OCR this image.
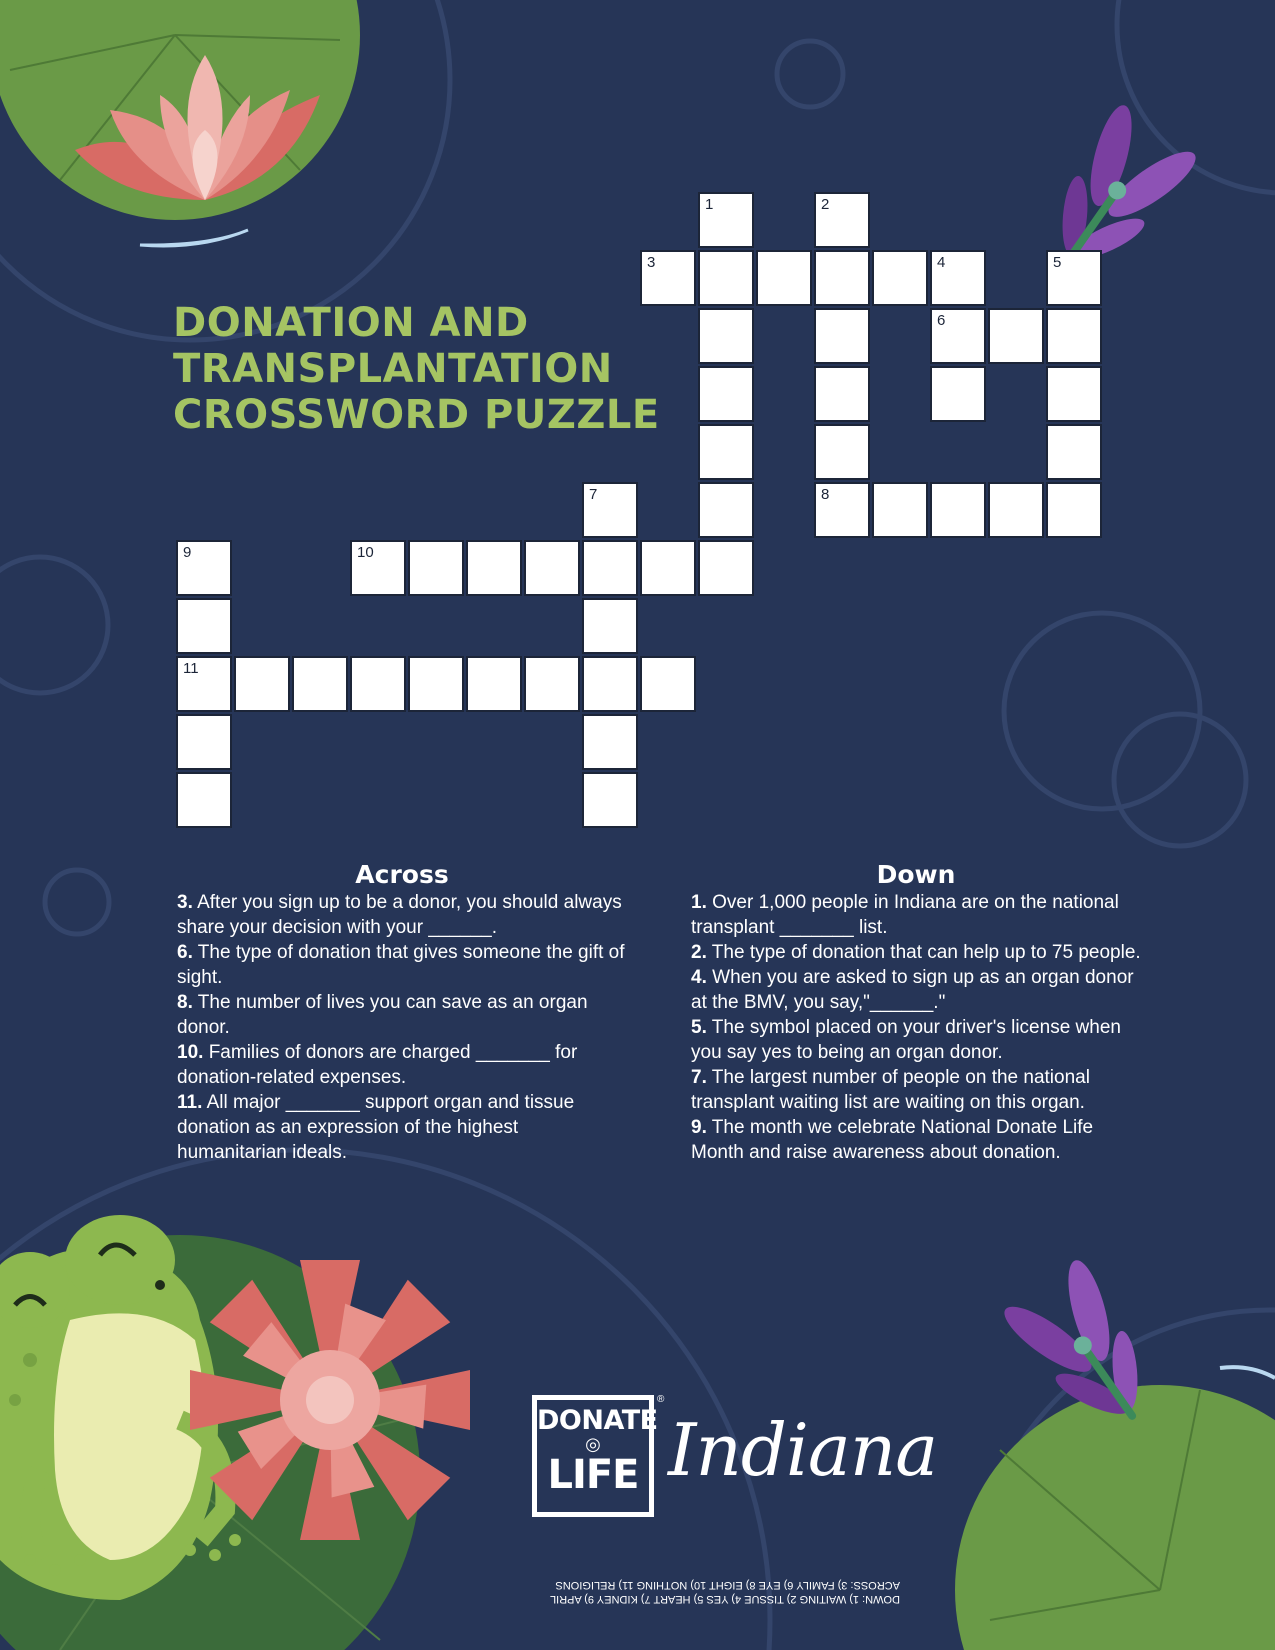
DONATION AND
TRANSPLANTATION
CROSSWORD PUZZLE
1	2
3	4	5
6
7	8
9	10
11
Across
3. After you sign up to be a donor, you should always share your decision with your ______.
6. The type of donation that gives someone the gift of sight.
8. The number of lives you can save as an organ donor.
10. Families of donors are charged _______ for donation-related expenses.
11. All major _______ support organ and tissue donation as an expression of the highest humanitarian ideals.
Down
1. Over 1,000 people in Indiana are on the national transplant _______ list.
2. The type of donation that can help up to 75 people.
4. When you are asked to sign up as an organ donor at the BMV, you say,"______."
5. The symbol placed on your driver's license when you say yes to being an organ donor.
7. The largest number of people on the national transplant waiting list are waiting on this organ.
9. The month we celebrate National Donate Life Month and raise awareness about donation.
DONATE
◎
LIFE
®
Indiana
DOWN: 1) WAITING 2) TISSUE 4) YES 5) HEART 7) KIDNEY 9) APRIL
ACROSS: 3) FAMILY 6) EYE 8) EIGHT 10) NOTHING 11) RELIGIONS
